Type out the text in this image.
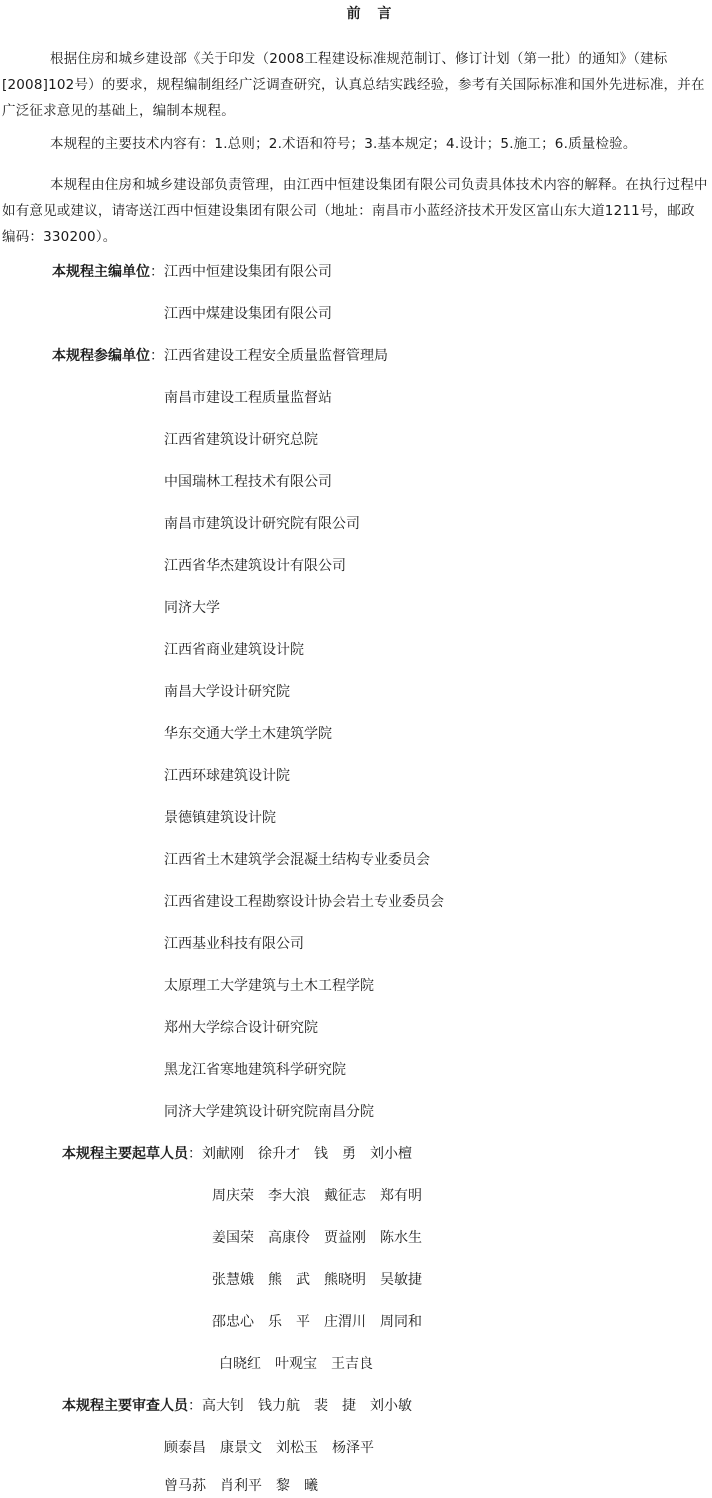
前 言

根据住房和城乡建设部《关于印发（2008工程建设标准规范制订、修订计划（第一批）的通知》（建标[2008]102号）的要求，规程编制组经广泛调查研究，认真总结实践经验，参考有关国际标准和国外先进标准，并在广泛征求意见的基础上，编制本规程。

本规程的主要技术内容有：1.总则；2.术语和符号；3.基本规定；4.设计；5.施工；6.质量检验。

本规程由住房和城乡建设部负责管理，由江西中恒建设集团有限公司负责具体技术内容的解释。在执行过程中如有意见或建议，请寄送江西中恒建设集团有限公司（地址：南昌市小蓝经济技术开发区富山东大道1211号，邮政编码：330200）。

本规程主编单位：江西中恒建设集团有限公司
江西中煤建设集团有限公司
本规程参编单位：江西省建设工程安全质量监督管理局
南昌市建设工程质量监督站
江西省建筑设计研究总院
中国瑞林工程技术有限公司
南昌市建筑设计研究院有限公司
江西省华杰建筑设计有限公司
同济大学
江西省商业建筑设计院
南昌大学设计研究院
华东交通大学土木建筑学院
江西环球建筑设计院
景德镇建筑设计院
江西省土木建筑学会混凝土结构专业委员会
江西省建设工程勘察设计协会岩土专业委员会
江西基业科技有限公司
太原理工大学建筑与土木工程学院
郑州大学综合设计研究院
黑龙江省寒地建筑科学研究院
同济大学建筑设计研究院南昌分院
本规程主要起草人员：刘献刚 徐升才 钱　勇 刘小檀
周庆荣 李大浪 戴征志 郑有明
姜国荣 高康伶 贾益刚 陈水生
张慧娥 熊　武 熊晓明 吴敏捷
邵忠心 乐　平 庄渭川 周同和
白晓红 叶观宝 王吉良
本规程主要审查人员：高大钊 钱力航 裴　捷 刘小敏
顾泰昌 康景文 刘松玉 杨泽平
曾马荪 肖利平 黎　曦
